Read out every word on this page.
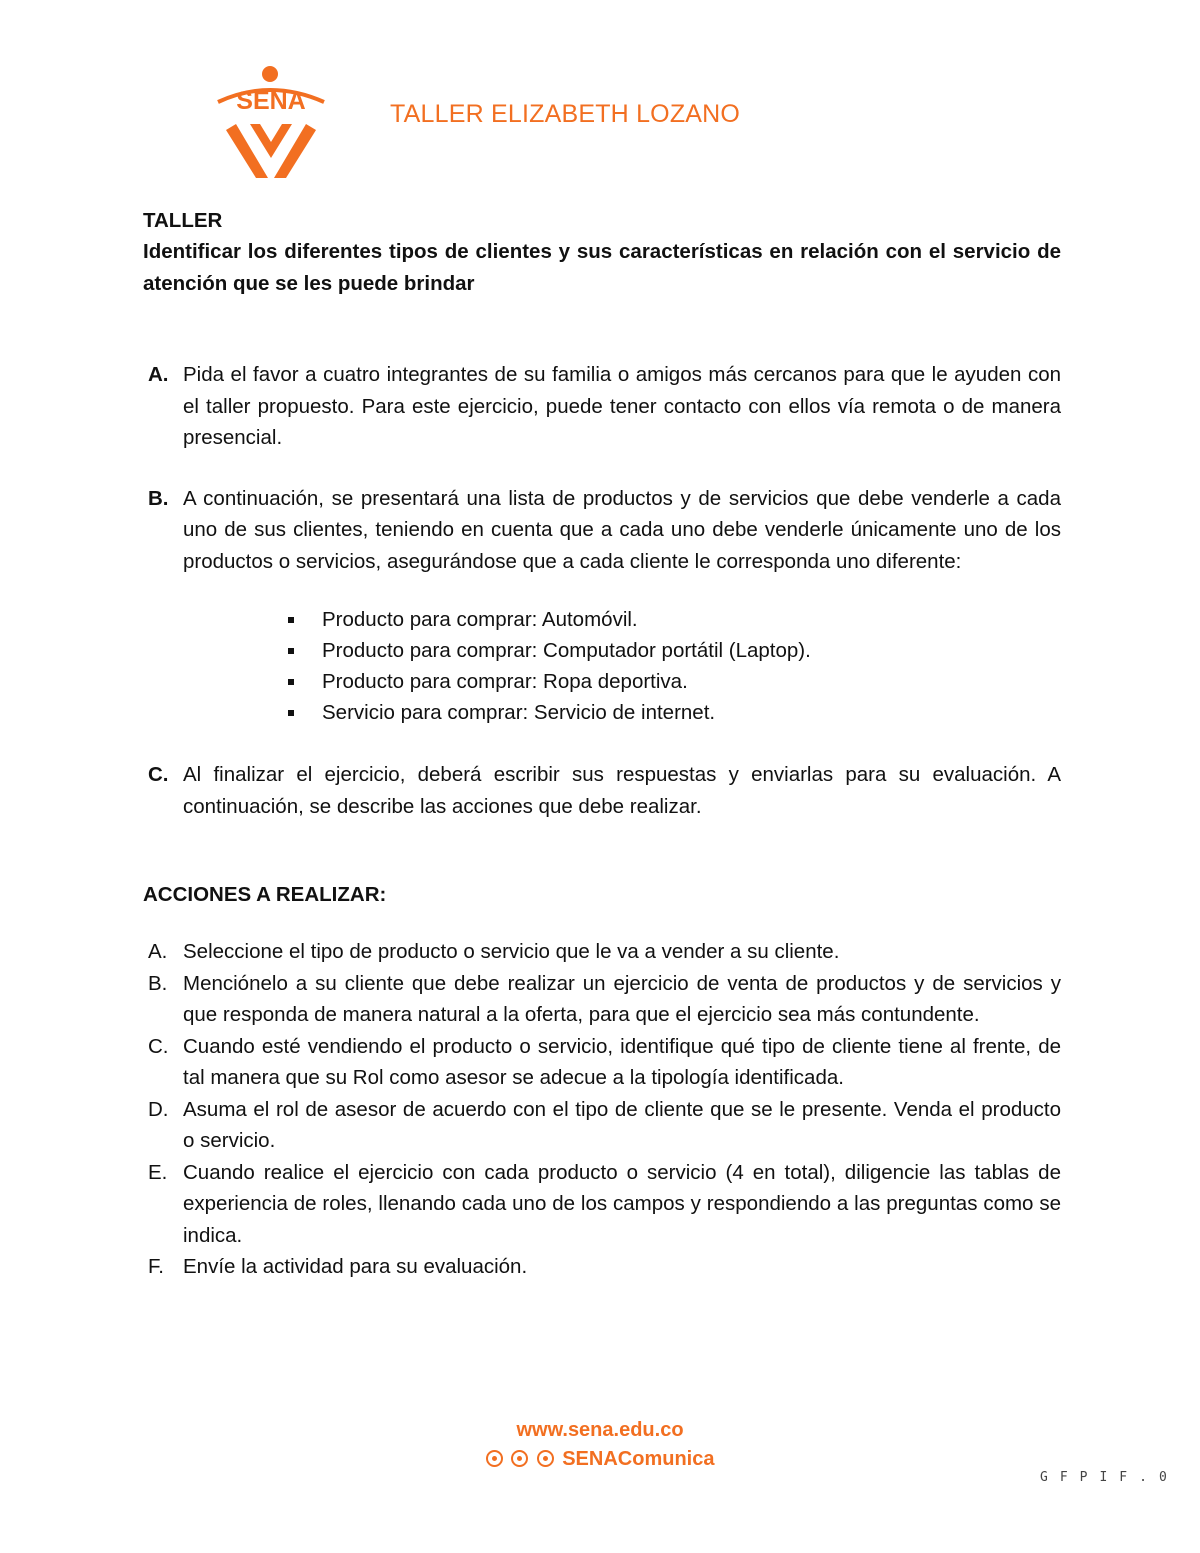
SENA	TALLER ELIZABETH LOZANO
TALLER
Identificar los diferentes tipos de clientes y sus características en relación con el servicio de atención que se les puede brindar
A. Pida el favor a cuatro integrantes de su familia o amigos más cercanos para que le ayuden con el taller propuesto. Para este ejercicio, puede tener contacto con ellos vía remota o de manera presencial.
B. A continuación, se presentará una lista de productos y de servicios que debe venderle a cada uno de sus clientes, teniendo en cuenta que a cada uno debe venderle únicamente uno de los productos o servicios, asegurándose que a cada cliente le corresponda uno diferente:
Producto para comprar: Automóvil.
Producto para comprar: Computador portátil (Laptop).
Producto para comprar: Ropa deportiva.
Servicio para comprar: Servicio de internet.
C. Al finalizar el ejercicio, deberá escribir sus respuestas y enviarlas para su evaluación. A continuación, se describe las acciones que debe realizar.
ACCIONES A REALIZAR:
A. Seleccione el tipo de producto o servicio que le va a vender a su cliente.
B. Menciónelo a su cliente que debe realizar un ejercicio de venta de productos y de servicios y que responda de manera natural a la oferta, para que el ejercicio sea más contundente.
C. Cuando esté vendiendo el producto o servicio, identifique qué tipo de cliente tiene al frente, de tal manera que su Rol como asesor se adecue a la tipología identificada.
D. Asuma el rol de asesor de acuerdo con el tipo de cliente que se le presente. Venda el producto o servicio.
E. Cuando realice el ejercicio con cada producto o servicio (4 en total), diligencie las tablas de experiencia de roles, llenando cada uno de los campos y respondiendo a las preguntas como se indica.
F. Envíe la actividad para su evaluación.
www.sena.edu.co
SENAComunica
GFPIF.0
